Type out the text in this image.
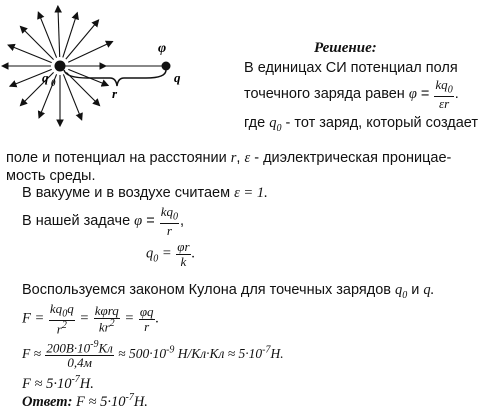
q 0
r
φ
q
Решение:
В единицах СИ потенциал поля
точечного заряда равен $\varphi = \frac{kq_0}{\varepsilon r}$ .
где $q_0$ - тот заряд, который создает
поле и потенциал на расстоянии r, ε - диэлектрическая проницае-
мость среды.
В вакууме и в воздухе считаем ε = 1.
В нашей задаче $\varphi = \frac{kq_0}{r}$ ,
$q_0 = \frac{\varphi r}{k}$ .
Воспользуемся законом Кулона для точечных зарядов $q_0$ и q.
$F = \frac{kq_0q}{r^2} = \frac{\text{kφrq}}{kr^2} = \frac{\varphi q}{r}$ .
$F \approx \frac{200В\cdot 10^{-9}Кл}{0,4м} \approx 500\cdot 10^{-9}$ $Н/Кл\cdot Кл \approx 5\cdot 10^{-7}Н$.
$F \approx 5\cdot 10^{-7}Н$.
Ответ: $F \approx 5\cdot 10^{-7}Н$.
